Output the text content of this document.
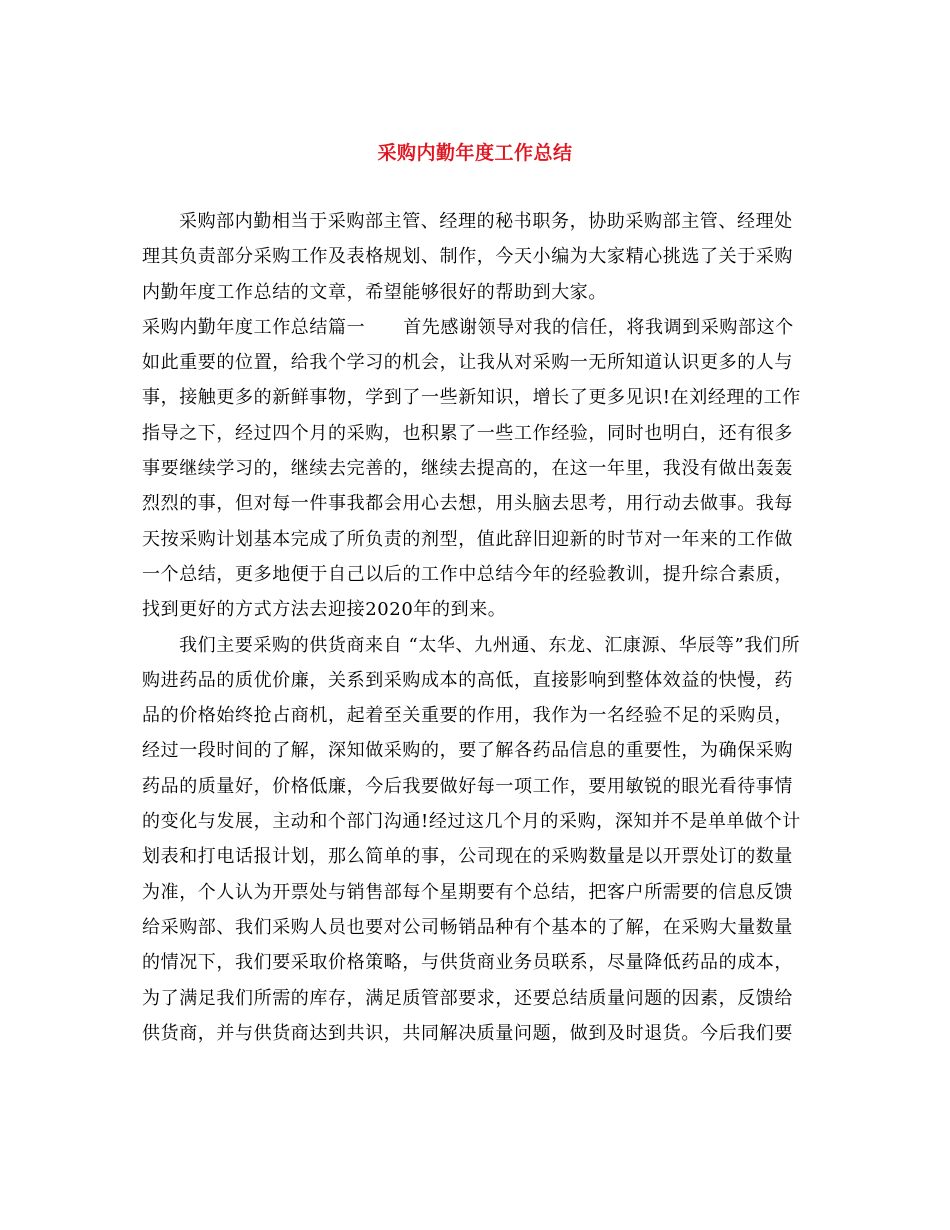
采购内勤年度工作总结

采购部内勤相当于采购部主管、经理的秘书职务，协助采购部主管、经理处理其负责部分采购工作及表格规划、制作，今天小编为大家精心挑选了关于采购内勤年度工作总结的文章，希望能够很好的帮助到大家。

采购内勤年度工作总结篇一 首先感谢领导对我的信任，将我调到采购部这个如此重要的位置，给我个学习的机会，让我从对采购一无所知道认识更多的人与事，接触更多的新鲜事物，学到了一些新知识，增长了更多见识!在刘经理的工作指导之下，经过四个月的采购，也积累了一些工作经验，同时也明白，还有很多事要继续学习的，继续去完善的，继续去提高的，在这一年里，我没有做出轰轰烈烈的事，但对每一件事我都会用心去想，用头脑去思考，用行动去做事。我每天按采购计划基本完成了所负责的剂型，值此辞旧迎新的时节对一年来的工作做一个总结，更多地便于自己以后的工作中总结今年的经验教训，提升综合素质，找到更好的方式方法去迎接2020年的到来。

我们主要采购的供货商来自 “太华、九州通、东龙、汇康源、华辰等”我们所购进药品的质优价廉，关系到采购成本的高低，直接影响到整体效益的快慢，药品的价格始终抢占商机，起着至关重要的作用，我作为一名经验不足的采购员，经过一段时间的了解，深知做采购的，要了解各药品信息的重要性，为确保采购药品的质量好，价格低廉，今后我要做好每一项工作，要用敏锐的眼光看待事情的变化与发展，主动和个部门沟通!经过这几个月的采购，深知并不是单单做个计划表和打电话报计划，那么简单的事，公司现在的采购数量是以开票处订的数量为准，个人认为开票处与销售部每个星期要有个总结，把客户所需要的信息反馈给采购部、我们采购人员也要对公司畅销品种有个基本的了解，在采购大量数量的情况下，我们要采取价格策略，与供货商业务员联系，尽量降低药品的成本，为了满足我们所需的库存，满足质管部要求，还要总结质量问题的因素，反馈给供货商，并与供货商达到共识，共同解决质量问题，做到及时退货。今后我们要
